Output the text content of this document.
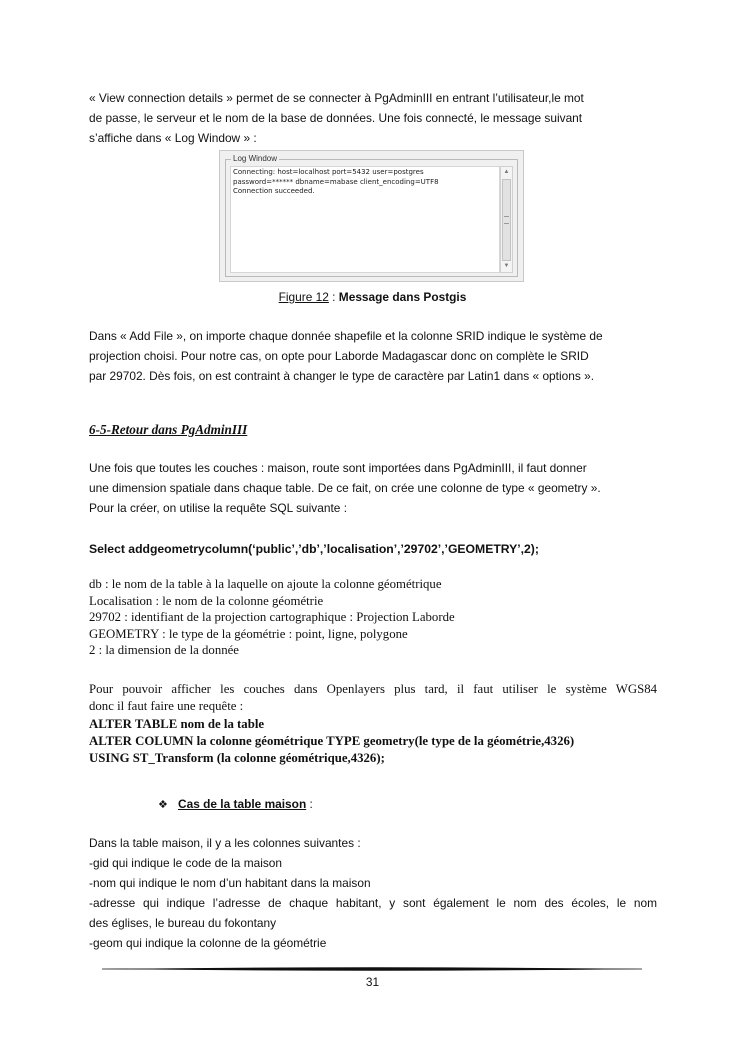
« View connection details » permet de se connecter à PgAdminIII en entrant l’utilisateur,le mot

de passe, le serveur et le nom de la base de données. Une fois connecté, le message suivant

s’affiche dans « Log Window » :

Log Window
Connecting: host=localhost port=5432 user=postgres
password=****** dbname=mabase client_encoding=UTF8
Connection succeeded.
▲
▼
Figure 12 : Message dans Postgis

Dans « Add File », on importe chaque donnée shapefile et la colonne SRID indique le système de

projection choisi. Pour notre cas, on opte pour Laborde Madagascar donc on complète le SRID

par 29702. Dès fois, on est contraint à changer le type de caractère par Latin1 dans « options ».

6-5-Retour dans PgAdminIII

Une fois que toutes les couches : maison, route sont importées dans PgAdminIII, il faut donner

une dimension spatiale dans chaque table. De ce fait, on crée une colonne de type « geometry ».

Pour la créer, on utilise la requête SQL suivante :

Select addgeometrycolumn(‘public’,’db’,’localisation’,’29702’,’GEOMETRY’,2);

db : le nom de la table à la laquelle on ajoute la colonne géométrique

Localisation : le nom de la colonne géométrie

29702 : identifiant de la projection cartographique : Projection Laborde

GEOMETRY : le type de la géométrie : point, ligne, polygone

2 : la dimension de la donnée

Pour pouvoir afficher les couches dans Openlayers plus tard, il faut utiliser le système WGS84

donc il faut faire une requête :

ALTER TABLE nom de la table

ALTER COLUMN la colonne géométrique TYPE geometry(le type de la géométrie,4326)

USING ST_Transform (la colonne géométrique,4326);

❖ Cas de la table maison :

Dans la table maison, il y a les colonnes suivantes :

-gid qui indique le code de la maison

-nom qui indique le nom d’un habitant dans la maison

-adresse qui indique l’adresse de chaque habitant, y sont également le nom des écoles, le nom

des églises, le bureau du fokontany

-geom qui indique la colonne de la géométrie

31
